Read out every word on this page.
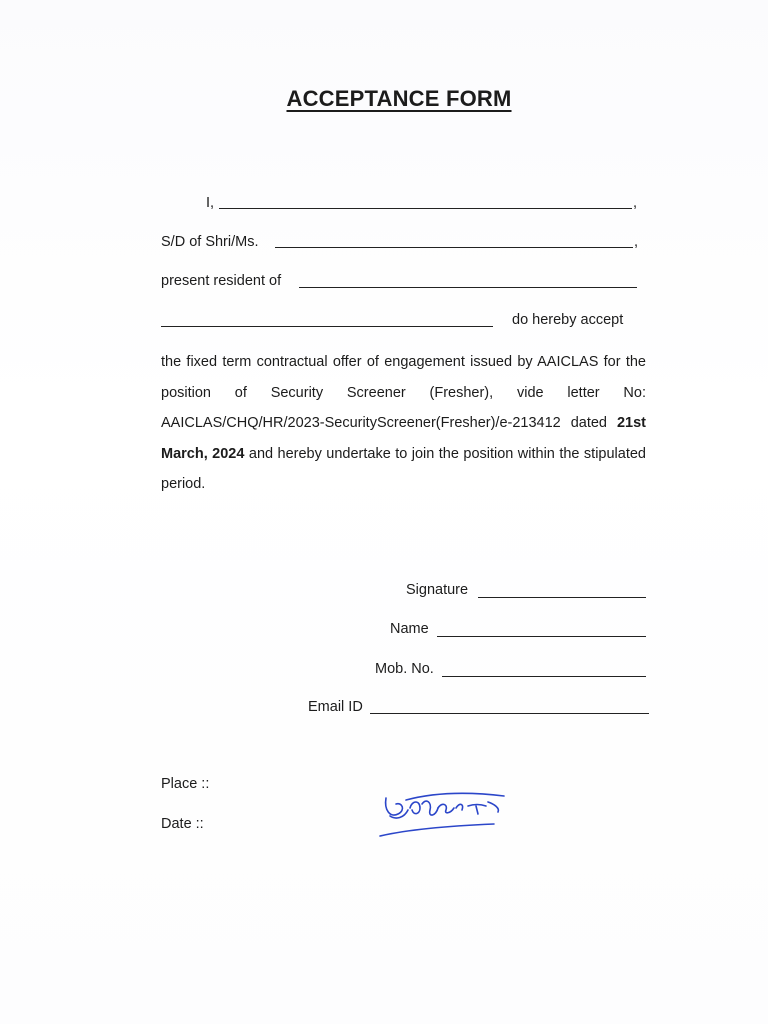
ACCEPTANCE FORM
I,	,
S/D of Shri/Ms.	,
present resident of
do hereby accept
the fixed term contractual offer of engagement issued by AAICLAS for the position of Security Screener (Fresher), vide letter No: AAICLAS/CHQ/HR/2023-SecurityScreener(Fresher)/e-213412 dated 21st March, 2024 and hereby undertake to join the position within the stipulated period.
Signature
Name
Mob. No.
Email ID
Place ::
Date ::
